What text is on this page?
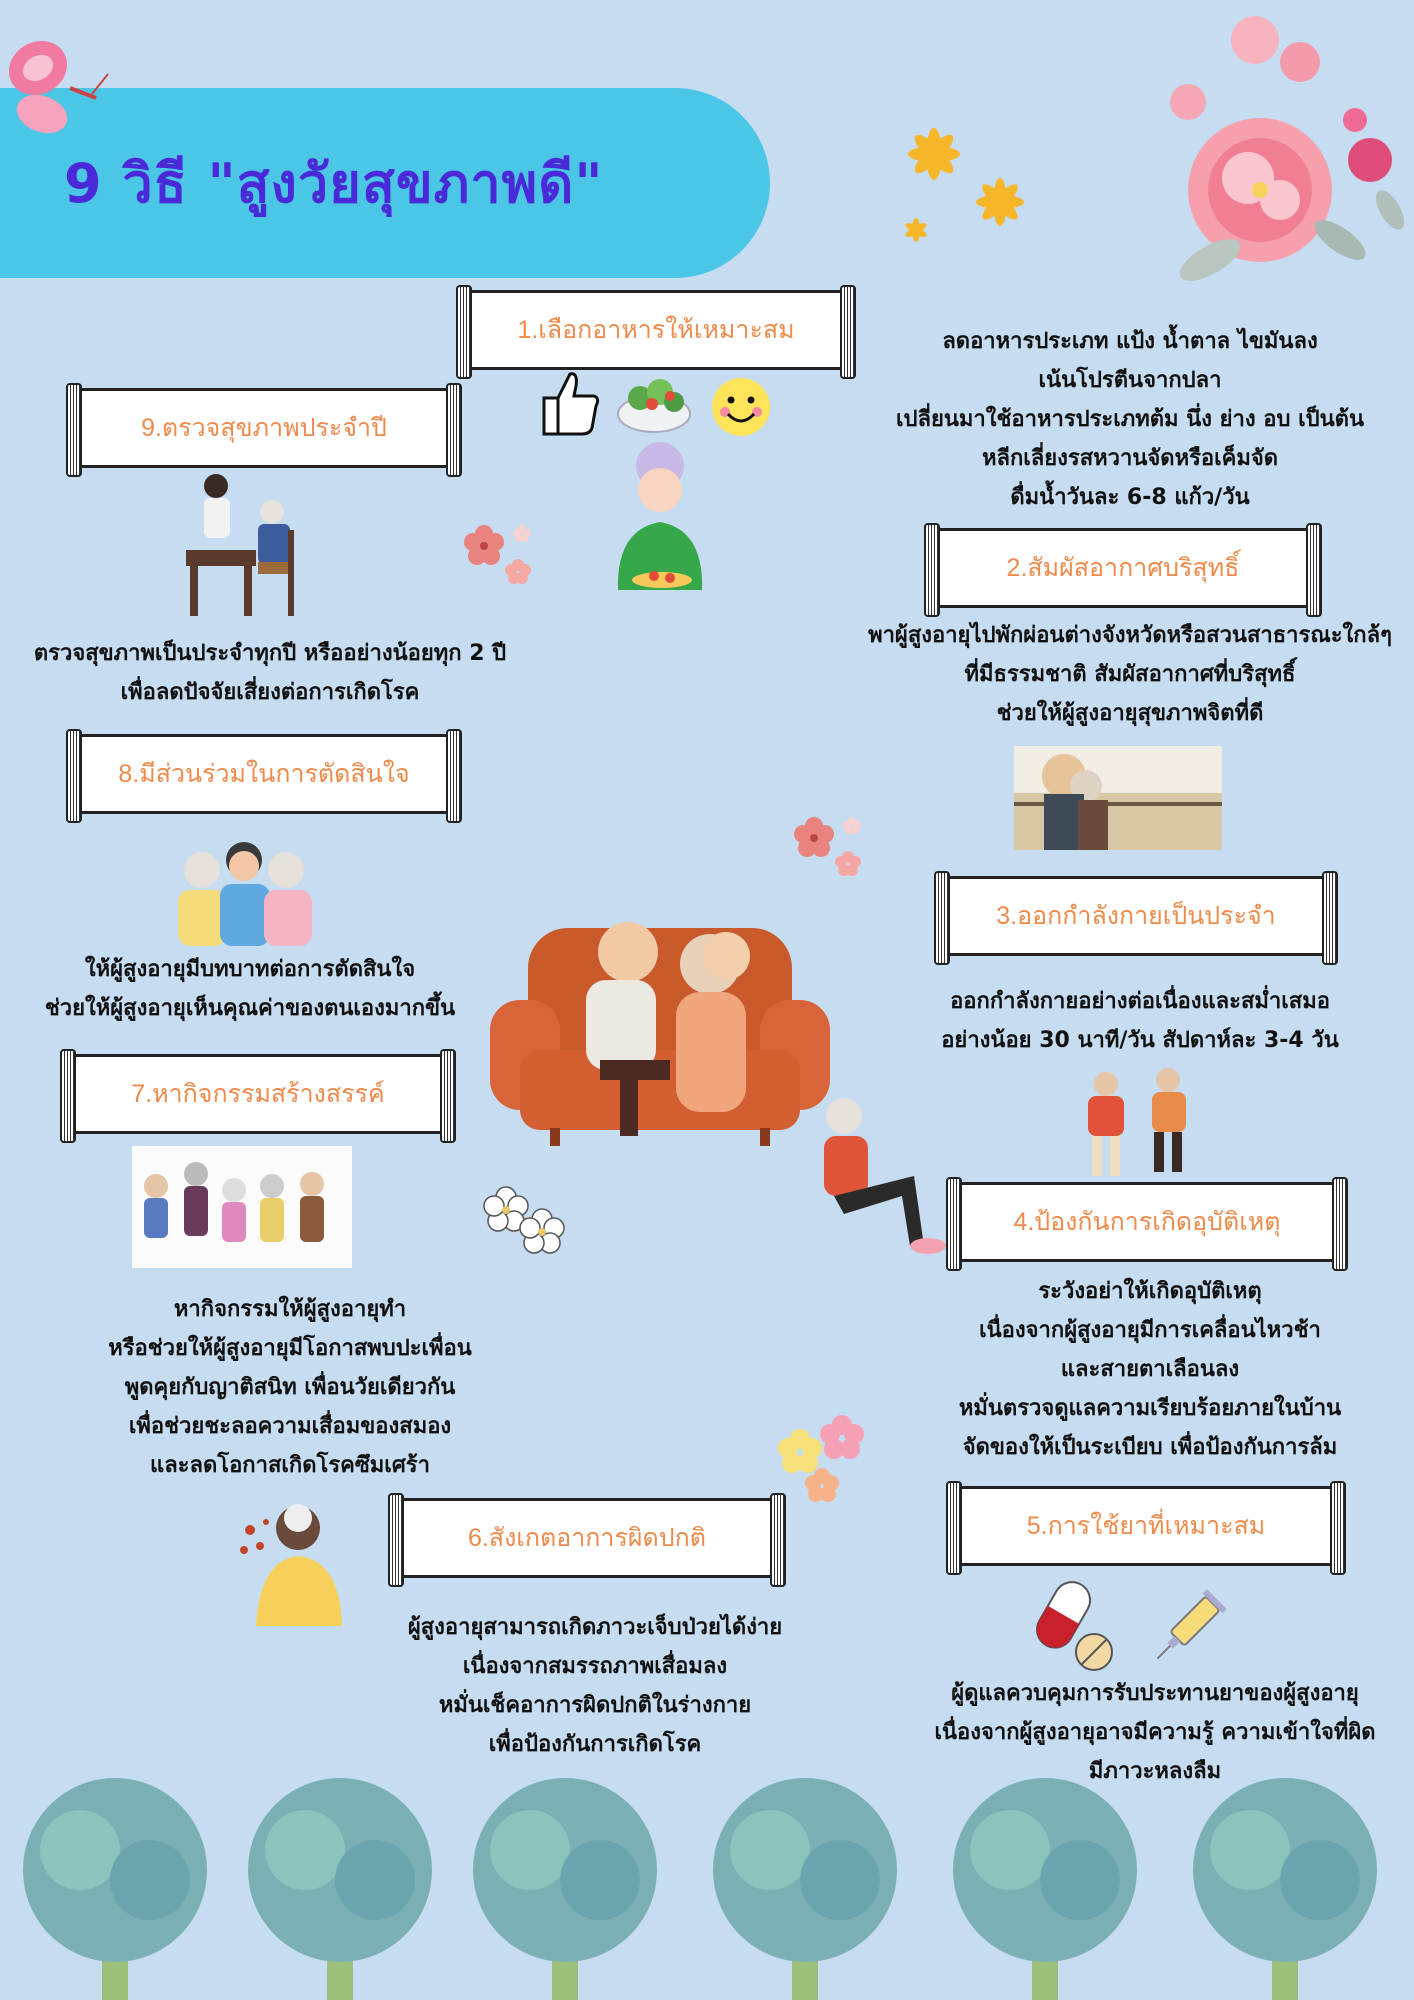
9 วิธี "สูงวัยสุขภาพดี"
1.เลือกอาหารให้เหมาะสม
2.สัมผัสอากาศบริสุทธิ์
3.ออกกำลังกายเป็นประจำ
4.ป้องกันการเกิดอุบัติเหตุ
5.การใช้ยาที่เหมาะสม
6.สังเกตอาการผิดปกติ
7.หากิจกรรมสร้างสรรค์
8.มีส่วนร่วมในการตัดสินใจ
9.ตรวจสุขภาพประจำปี
ลดอาหารประเภท แป้ง น้ำตาล ไขมันลง
เน้นโปรตีนจากปลา
เปลี่ยนมาใช้อาหารประเภทต้ม นึ่ง ย่าง อบ เป็นต้น
หลีกเลี่ยงรสหวานจัดหรือเค็มจัด
ดื่มน้ำวันละ 6-8 แก้ว/วัน
พาผู้สูงอายุไปพักผ่อนต่างจังหวัดหรือสวนสาธารณะใกล้ๆ
ที่มีธรรมชาติ สัมผัสอากาศที่บริสุทธิ์
ช่วยให้ผู้สูงอายุสุขภาพจิตที่ดี
ออกกำลังกายอย่างต่อเนื่องและสม่ำเสมอ
อย่างน้อย 30 นาที/วัน สัปดาห์ละ 3-4 วัน
ระวังอย่าให้เกิดอุบัติเหตุ
เนื่องจากผู้สูงอายุมีการเคลื่อนไหวช้า
และสายตาเลือนลง
หมั่นตรวจดูแลความเรียบร้อยภายในบ้าน
จัดของให้เป็นระเบียบ เพื่อป้องกันการล้ม
ผู้ดูแลควบคุมการรับประทานยาของผู้สูงอายุ
เนื่องจากผู้สูงอายุอาจมีความรู้ ความเข้าใจที่ผิด
มีภาวะหลงลืม
ผู้สูงอายุสามารถเกิดภาวะเจ็บป่วยได้ง่าย
เนื่องจากสมรรถภาพเสื่อมลง
หมั่นเช็คอาการผิดปกติในร่างกาย
เพื่อป้องกันการเกิดโรค
หากิจกรรมให้ผู้สูงอายุทำ
หรือช่วยให้ผู้สูงอายุมีโอกาสพบปะเพื่อน
พูดคุยกับญาติสนิท เพื่อนวัยเดียวกัน
เพื่อช่วยชะลอความเสื่อมของสมอง
และลดโอกาสเกิดโรคซึมเศร้า
ให้ผู้สูงอายุมีบทบาทต่อการตัดสินใจ
ช่วยให้ผู้สูงอายุเห็นคุณค่าของตนเองมากขึ้น
ตรวจสุขภาพเป็นประจำทุกปี หรืออย่างน้อยทุก 2 ปี
เพื่อลดปัจจัยเสี่ยงต่อการเกิดโรค
